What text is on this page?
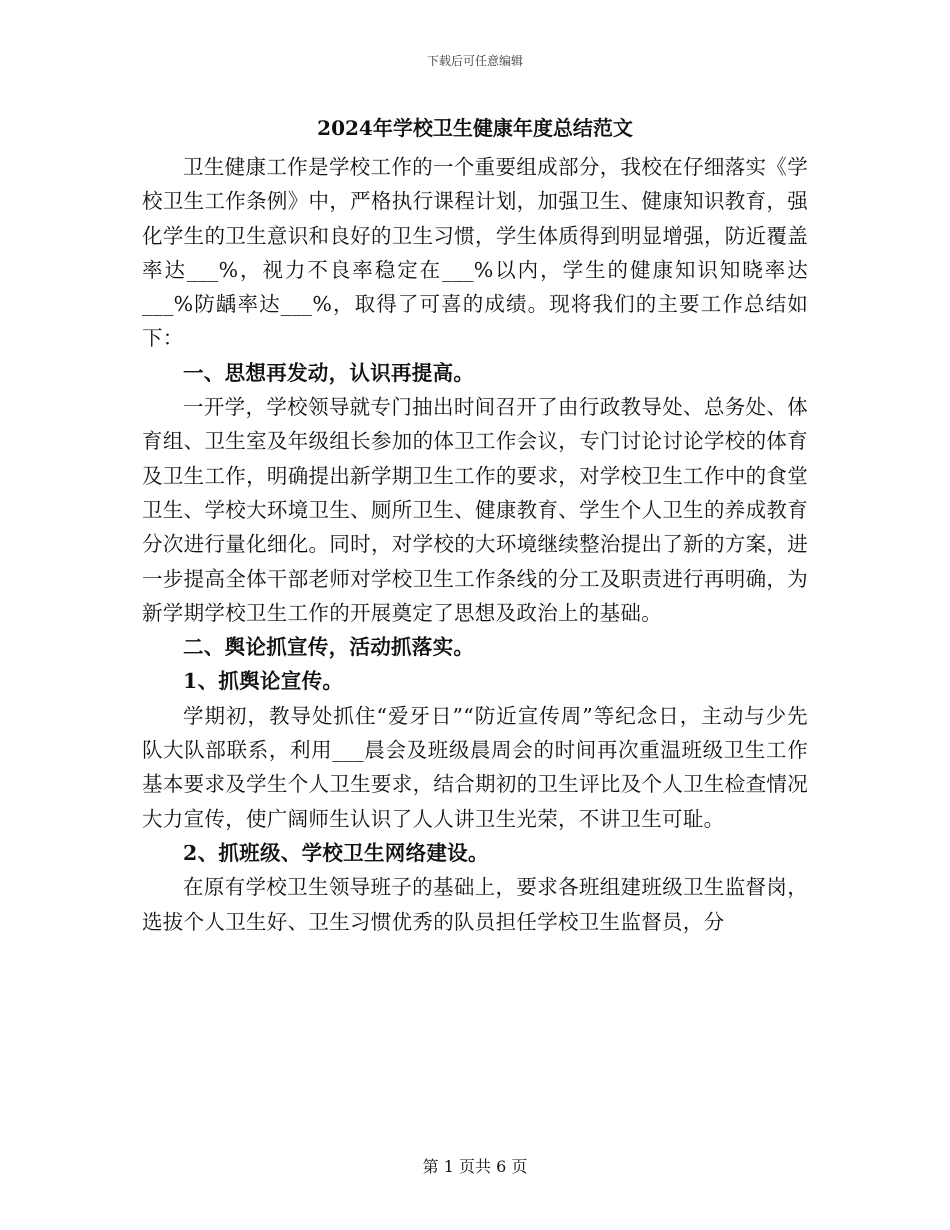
下载后可任意编辑
2024年学校卫生健康年度总结范文

卫生健康工作是学校工作的一个重要组成部分，我校在仔细落实《学校卫生工作条例》中，严格执行课程计划，加强卫生、健康知识教育，强化学生的卫生意识和良好的卫生习惯，学生体质得到明显增强，防近覆盖率达___%，视力不良率稳定在___%以内，学生的健康知识知晓率达___%防龋率达___%，取得了可喜的成绩。现将我们的主要工作总结如下：

一、思想再发动，认识再提高。

一开学，学校领导就专门抽出时间召开了由行政教导处、总务处、体育组、卫生室及年级组长参加的体卫工作会议，专门讨论讨论学校的体育及卫生工作，明确提出新学期卫生工作的要求，对学校卫生工作中的食堂卫生、学校大环境卫生、厕所卫生、健康教育、学生个人卫生的养成教育分次进行量化细化。同时，对学校的大环境继续整治提出了新的方案，进一步提高全体干部老师对学校卫生工作条线的分工及职责进行再明确，为新学期学校卫生工作的开展奠定了思想及政治上的基础。

二、舆论抓宣传，活动抓落实。

1、抓舆论宣传。

学期初，教导处抓住“爱牙日”“防近宣传周”等纪念日，主动与少先队大队部联系，利用___晨会及班级晨周会的时间再次重温班级卫生工作基本要求及学生个人卫生要求，结合期初的卫生评比及个人卫生检查情况大力宣传，使广阔师生认识了人人讲卫生光荣，不讲卫生可耻。

2、抓班级、学校卫生网络建设。

在原有学校卫生领导班子的基础上，要求各班组建班级卫生监督岗，选拔个人卫生好、卫生习惯优秀的队员担任学校卫生监督员，分

第 1 页共 6 页
